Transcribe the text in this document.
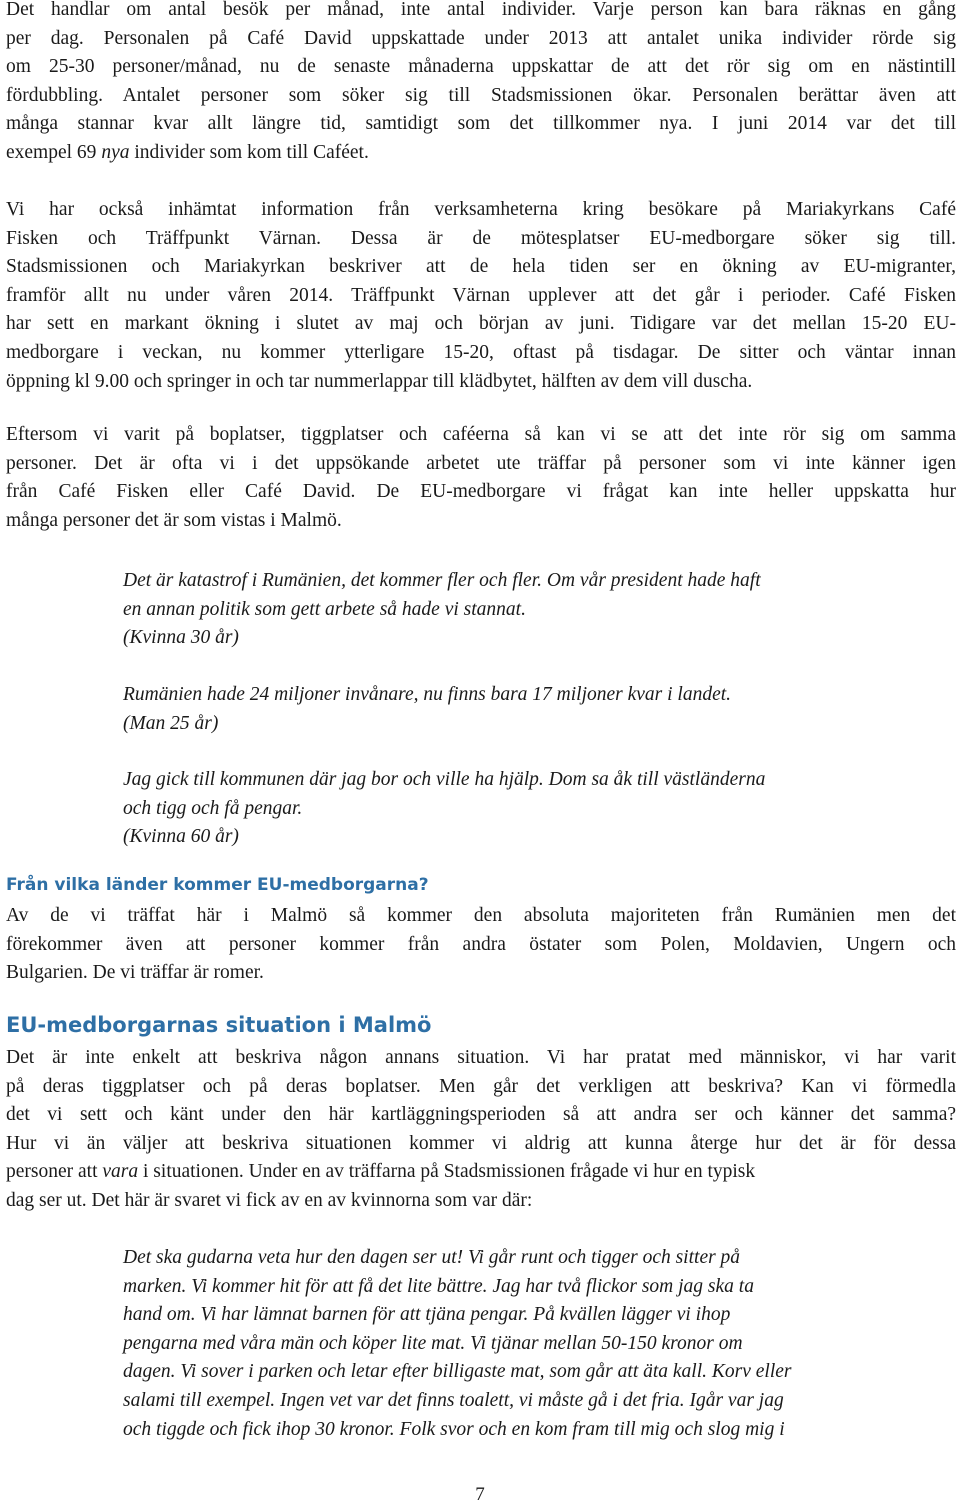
Det handlar om antal besök per månad, inte antal individer. Varje person kan bara räknas en gång
per dag. Personalen på Café David uppskattade under 2013 att antalet unika individer rörde sig
om 25-30 personer/månad, nu de senaste månaderna uppskattar de att det rör sig om en nästintill
fördubbling. Antalet personer som söker sig till Stadsmissionen ökar. Personalen berättar även att
många stannar kvar allt längre tid, samtidigt som det tillkommer nya. I juni 2014 var det till
exempel 69 nya individer som kom till Caféet.
Vi har också inhämtat information från verksamheterna kring besökare på Mariakyrkans Café
Fisken och Träffpunkt Värnan. Dessa är de mötesplatser EU-medborgare söker sig till.
Stadsmissionen och Mariakyrkan beskriver att de hela tiden ser en ökning av EU-migranter,
framför allt nu under våren 2014. Träffpunkt Värnan upplever att det går i perioder. Café Fisken
har sett en markant ökning i slutet av maj och början av juni. Tidigare var det mellan 15-20 EU-
medborgare i veckan, nu kommer ytterligare 15-20, oftast på tisdagar. De sitter och väntar innan
öppning kl 9.00 och springer in och tar nummerlappar till klädbytet, hälften av dem vill duscha.
Eftersom vi varit på boplatser, tiggplatser och caféerna så kan vi se att det inte rör sig om samma
personer. Det är ofta vi i det uppsökande arbetet ute träffar på personer som vi inte känner igen
från Café Fisken eller Café David. De EU-medborgare vi frågat kan inte heller uppskatta hur
många personer det är som vistas i Malmö.
Det är katastrof i Rumänien, det kommer fler och fler. Om vår president hade haft
en annan politik som gett arbete så hade vi stannat.
(Kvinna 30 år)
Rumänien hade 24 miljoner invånare, nu finns bara 17 miljoner kvar i landet.
(Man 25 år)
Jag gick till kommunen där jag bor och ville ha hjälp. Dom sa åk till västländerna
och tigg och få pengar.
(Kvinna 60 år)
Från vilka länder kommer EU-medborgarna?
Av de vi träffat här i Malmö så kommer den absoluta majoriteten från Rumänien men det
förekommer även att personer kommer från andra östater som Polen, Moldavien, Ungern och
Bulgarien. De vi träffar är romer.
EU-medborgarnas situation i Malmö
Det är inte enkelt att beskriva någon annans situation. Vi har pratat med människor, vi har varit
på deras tiggplatser och på deras boplatser. Men går det verkligen att beskriva? Kan vi förmedla
det vi sett och känt under den här kartläggningsperioden så att andra ser och känner det samma?
Hur vi än väljer att beskriva situationen kommer vi aldrig att kunna återge hur det är för dessa
personer att vara i situationen. Under en av träffarna på Stadsmissionen frågade vi hur en typisk
dag ser ut. Det här är svaret vi fick av en av kvinnorna som var där:
Det ska gudarna veta hur den dagen ser ut! Vi går runt och tigger och sitter på
marken. Vi kommer hit för att få det lite bättre. Jag har två flickor som jag ska ta
hand om. Vi har lämnat barnen för att tjäna pengar. På kvällen lägger vi ihop
pengarna med våra män och köper lite mat. Vi tjänar mellan 50-150 kronor om
dagen. Vi sover i parken och letar efter billigaste mat, som går att äta kall. Korv eller
salami till exempel. Ingen vet var det finns toalett, vi måste gå i det fria. Igår var jag
och tiggde och fick ihop 30 kronor. Folk svor och en kom fram till mig och slog mig i
7
